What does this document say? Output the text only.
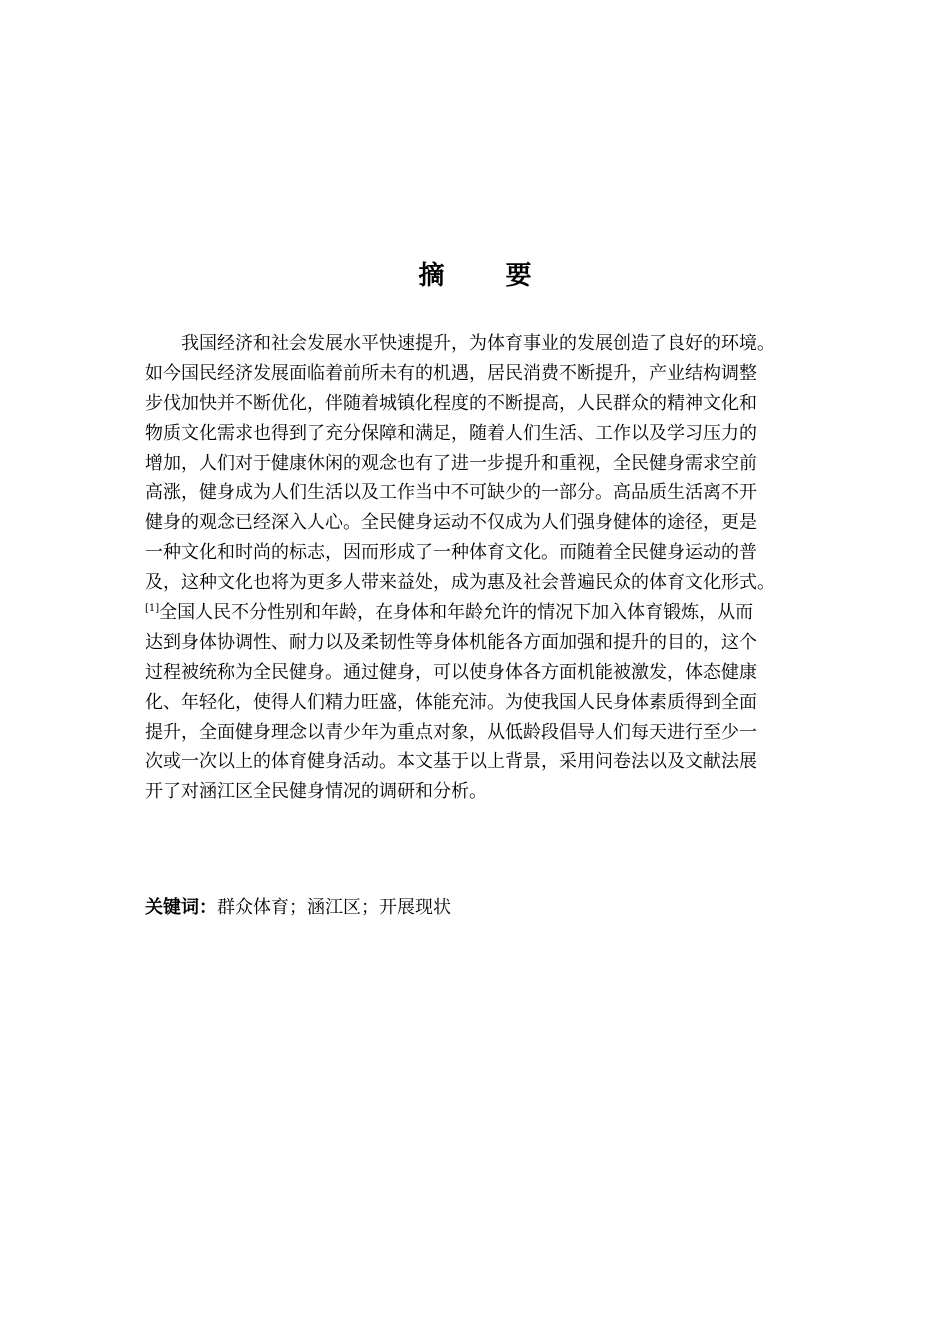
摘 要
我国经济和社会发展水平快速提升，为体育事业的发展创造了良好的环境。
如今国民经济发展面临着前所未有的机遇，居民消费不断提升，产业结构调整
步伐加快并不断优化，伴随着城镇化程度的不断提高，人民群众的精神文化和
物质文化需求也得到了充分保障和满足，随着人们生活、工作以及学习压力的
增加，人们对于健康休闲的观念也有了进一步提升和重视，全民健身需求空前
高涨，健身成为人们生活以及工作当中不可缺少的一部分。高品质生活离不开
健身的观念已经深入人心。全民健身运动不仅成为人们强身健体的途径，更是
一种文化和时尚的标志，因而形成了一种体育文化。而随着全民健身运动的普
及，这种文化也将为更多人带来益处，成为惠及社会普遍民众的体育文化形式。
[1]全国人民不分性别和年龄，在身体和年龄允许的情况下加入体育锻炼，从而
达到身体协调性、耐力以及柔韧性等身体机能各方面加强和提升的目的，这个
过程被统称为全民健身。通过健身，可以使身体各方面机能被激发，体态健康
化、年轻化，使得人们精力旺盛，体能充沛。为使我国人民身体素质得到全面
提升，全面健身理念以青少年为重点对象，从低龄段倡导人们每天进行至少一
次或一次以上的体育健身活动。本文基于以上背景，采用问卷法以及文献法展
开了对涵江区全民健身情况的调研和分析。
关键词：群众体育；涵江区；开展现状
